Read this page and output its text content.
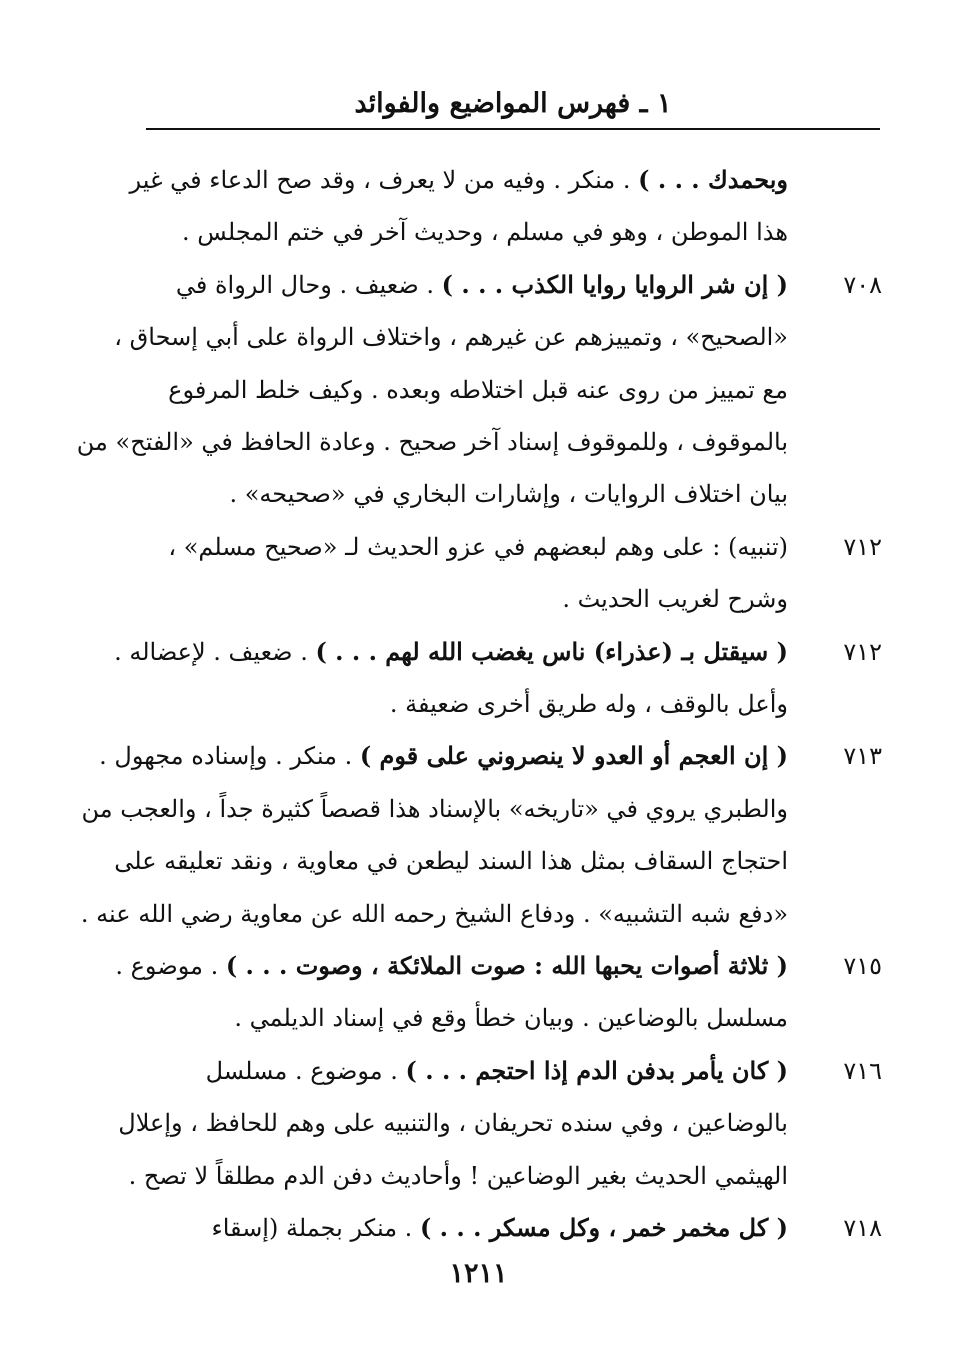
١ ـ فهرس المواضيع والفوائد
وبحمدك . . . ) . منكر . وفيه من لا يعرف ، وقد صح الدعاء في غير
هذا الموطن ، وهو في مسلم ، وحديث آخر في ختم المجلس .
٧٠٨
( إن شر الروايا روايا الكذب . . . ) . ضعيف . وحال الرواة في
«الصحيح» ، وتمييزهم عن غيرهم ، واختلاف الرواة على أبي إسحاق ،
مع تمييز من روى عنه قبل اختلاطه وبعده . وكيف خلط المرفوع
بالموقوف ، وللموقوف إسناد آخر صحيح . وعادة الحافظ في «الفتح» من
بيان اختلاف الروايات ، وإشارات البخاري في «صحيحه» .
٧١٢
(تنبيه) : على وهم لبعضهم في عزو الحديث لـ «صحيح مسلم» ،
وشرح لغريب الحديث .
٧١٢
( سيقتل بـ (عذراء) ناس يغضب الله لهم . . . ) . ضعيف . لإعضاله .
وأعل بالوقف ، وله طريق أخرى ضعيفة .
٧١٣
( إن العجم أو العدو لا ينصروني على قوم ) . منكر . وإسناده مجهول .
والطبري يروي في «تاريخه» بالإسناد هذا قصصاً كثيرة جداً ، والعجب من
احتجاج السقاف بمثل هذا السند ليطعن في معاوية ، ونقد تعليقه على
«دفع شبه التشبيه» . ودفاع الشيخ رحمه الله عن معاوية رضي الله عنه .
٧١٥
( ثلاثة أصوات يحبها الله : صوت الملائكة ، وصوت . . . ) . موضوع .
مسلسل بالوضاعين . وبيان خطأ وقع في إسناد الديلمي .
٧١٦
( كان يأمر بدفن الدم إذا احتجم . . . ) . موضوع . مسلسل
بالوضاعين ، وفي سنده تحريفان ، والتنبيه على وهم للحافظ ، وإعلال
الهيثمي الحديث بغير الوضاعين ! وأحاديث دفن الدم مطلقاً لا تصح .
٧١٨
( كل مخمر خمر ، وكل مسكر . . . ) . منكر بجملة (إسقاء
١٢١١
